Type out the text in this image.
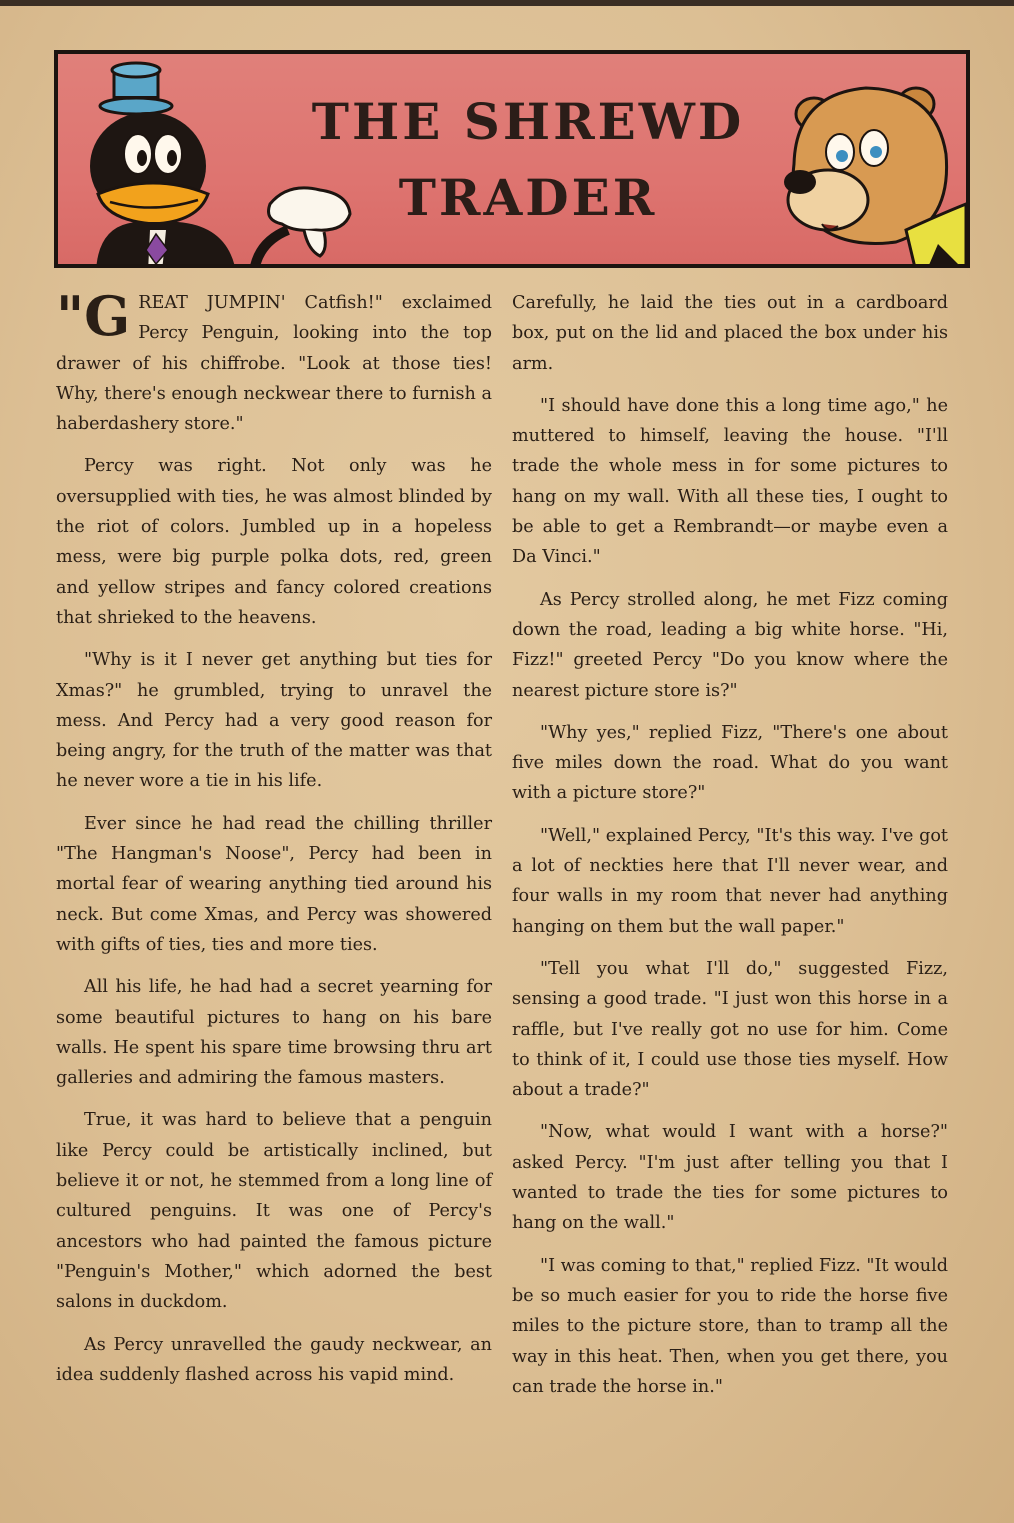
THE SHREWD
TRADER

"GREAT JUMPIN' Catfish!" exclaimed Percy Penguin, looking into the top drawer of his chiffrobe. "Look at those ties! Why, there's enough neckwear there to furnish a haberdashery store."

Percy was right. Not only was he oversupplied with ties, he was almost blinded by the riot of colors. Jumbled up in a hopeless mess, were big purple polka dots, red, green and yellow stripes and fancy colored creations that shrieked to the heavens.

"Why is it I never get anything but ties for Xmas?" he grumbled, trying to unravel the mess. And Percy had a very good reason for being angry, for the truth of the matter was that he never wore a tie in his life.

Ever since he had read the chilling thriller "The Hangman's Noose", Percy had been in mortal fear of wearing anything tied around his neck. But come Xmas, and Percy was showered with gifts of ties, ties and more ties.

All his life, he had had a secret yearning for some beautiful pictures to hang on his bare walls. He spent his spare time browsing thru art galleries and admiring the famous masters.

True, it was hard to believe that a penguin like Percy could be artistically inclined, but believe it or not, he stemmed from a long line of cultured penguins. It was one of Percy's ancestors who had painted the famous picture "Penguin's Mother," which adorned the best salons in duckdom.

As Percy unravelled the gaudy neckwear, an idea suddenly flashed across his vapid mind.

Carefully, he laid the ties out in a cardboard box, put on the lid and placed the box under his arm.

"I should have done this a long time ago," he muttered to himself, leaving the house. "I'll trade the whole mess in for some pictures to hang on my wall. With all these ties, I ought to be able to get a Rembrandt—or maybe even a Da Vinci."

As Percy strolled along, he met Fizz coming down the road, leading a big white horse. "Hi, Fizz!" greeted Percy "Do you know where the nearest picture store is?"

"Why yes," replied Fizz, "There's one about five miles down the road. What do you want with a picture store?"

"Well," explained Percy, "It's this way. I've got a lot of neckties here that I'll never wear, and four walls in my room that never had anything hanging on them but the wall paper."

"Tell you what I'll do," suggested Fizz, sensing a good trade. "I just won this horse in a raffle, but I've really got no use for him. Come to think of it, I could use those ties myself. How about a trade?"

"Now, what would I want with a horse?" asked Percy. "I'm just after telling you that I wanted to trade the ties for some pictures to hang on the wall."

"I was coming to that," replied Fizz. "It would be so much easier for you to ride the horse five miles to the picture store, than to tramp all the way in this heat. Then, when you get there, you can trade the horse in."
